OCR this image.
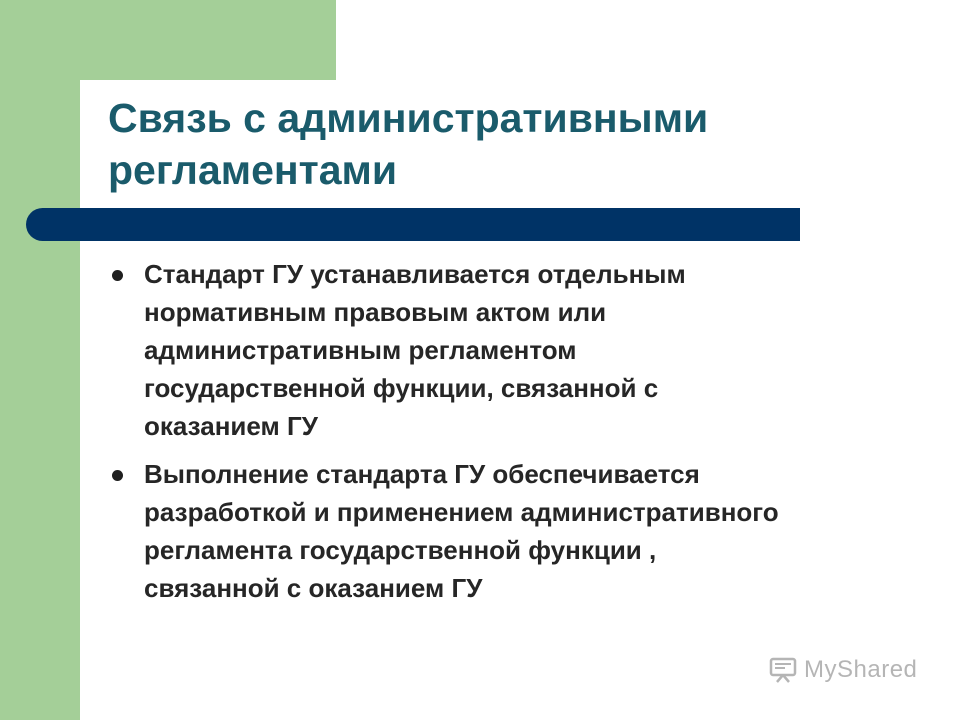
Связь с административными
регламентами
Стандарт ГУ устанавливается отдельным
нормативным правовым актом или
административным регламентом
государственной функции, связанной с
оказанием ГУ
Выполнение стандарта ГУ обеспечивается
разработкой и применением административного
регламента государственной функции ,
связанной с оказанием ГУ
MyShared
